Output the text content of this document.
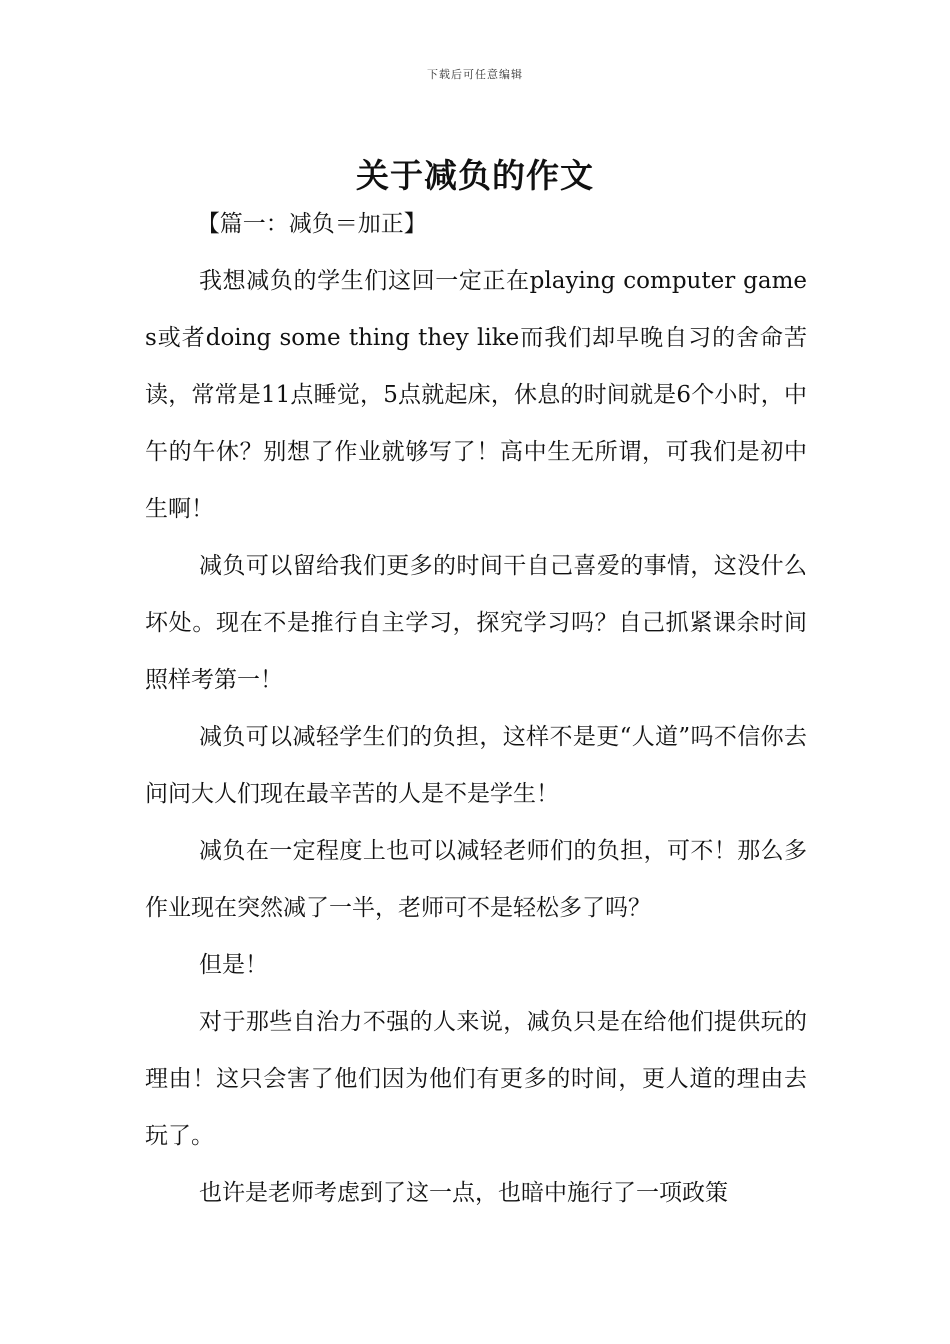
下载后可任意编辑
关于减负的作文

【篇一：减负＝加正】

我想减负的学生们这回一定正在playing computer games或者doing some thing they like而我们却早晚自习的舍命苦读，常常是11点睡觉，5点就起床，休息的时间就是6个小时，中午的午休？别想了作业就够写了！高中生无所谓，可我们是初中生啊！

减负可以留给我们更多的时间干自己喜爱的事情，这没什么坏处。现在不是推行自主学习，探究学习吗？自己抓紧课余时间照样考第一！

减负可以减轻学生们的负担，这样不是更“人道”吗不信你去问问大人们现在最辛苦的人是不是学生！

减负在一定程度上也可以减轻老师们的负担，可不！那么多作业现在突然减了一半，老师可不是轻松多了吗？

但是！

对于那些自治力不强的人来说，减负只是在给他们提供玩的理由！这只会害了他们因为他们有更多的时间，更人道的理由去玩了。

也许是老师考虑到了这一点，也暗中施行了一项政策
